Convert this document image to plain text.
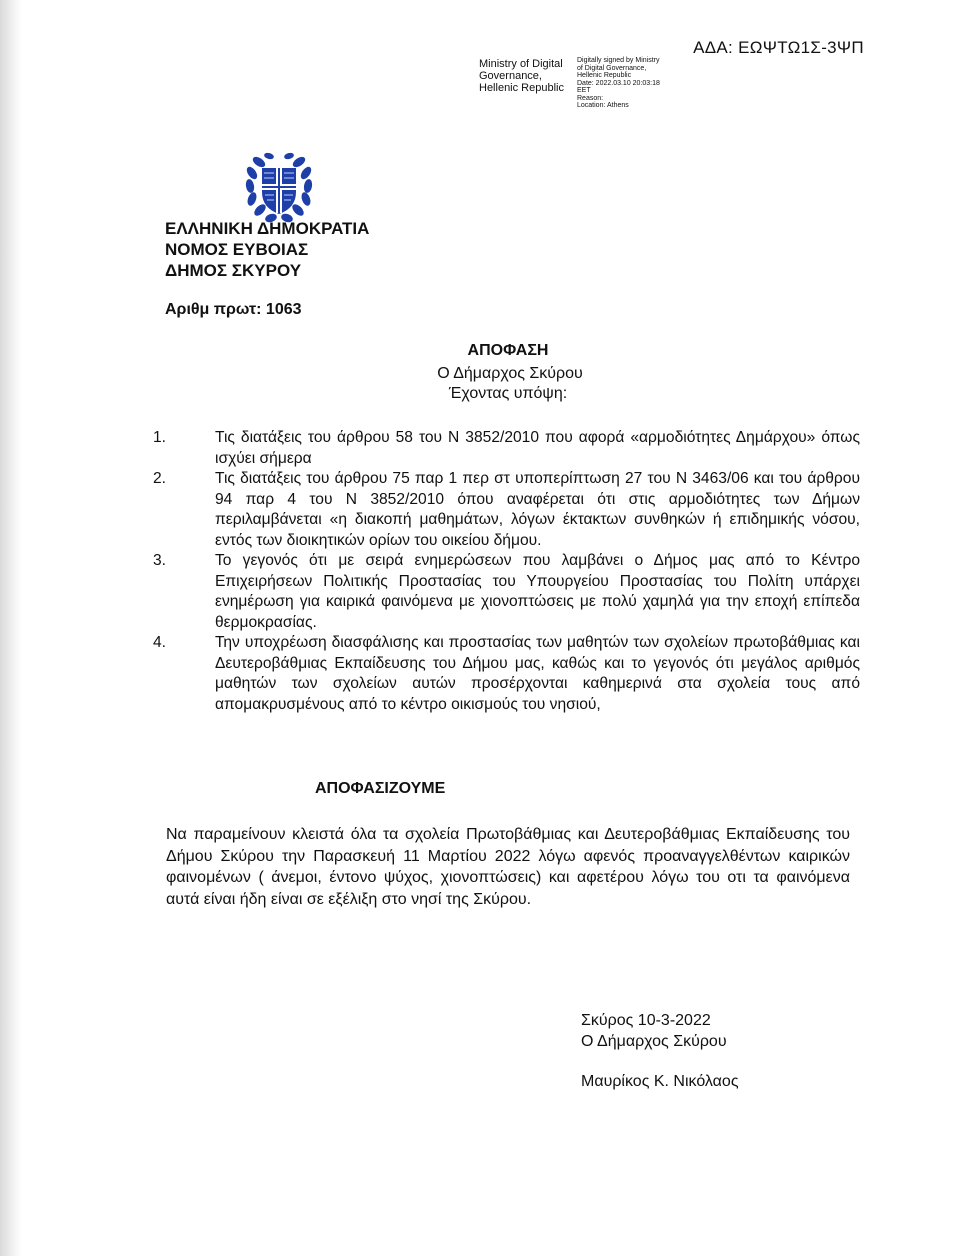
ΑΔΑ: ΕΩΨΤΩ1Σ-3ΨΠ
Ministry of Digital
Governance,
Hellenic Republic
Digitally signed by Ministry
of Digital Governance,
Hellenic Republic
Date: 2022.03.10 20:03:18
EET
Reason:
Location: Athens
ΕΛΛΗΝΙΚΗ ΔΗΜΟΚΡΑΤΙΑ
ΝΟΜΟΣ ΕΥΒΟΙΑΣ
ΔΗΜΟΣ ΣΚΥΡΟΥ
Αριθμ πρωτ: 1063
ΑΠΟΦΑΣΗ
Ο Δήμαρχος Σκύρου
Έχοντας υπόψη:
1.	Τις διατάξεις του άρθρου 58 του Ν 3852/2010 που αφορά «αρμοδιότητες Δημάρχου» όπως ισχύει σήμερα
2.	Τις διατάξεις του άρθρου 75 παρ 1 περ στ υποπερίπτωση 27 του Ν 3463/06 και του άρθρου 94 παρ 4 του Ν 3852/2010 όπου αναφέρεται ότι στις αρμοδιότητες των Δήμων περιλαμβάνεται «η διακοπή μαθημάτων, λόγων έκτακτων συνθηκών ή επιδημικής νόσου, εντός των διοικητικών ορίων του οικείου δήμου.
3.	Το γεγονός ότι με σειρά ενημερώσεων που λαμβάνει ο Δήμος μας από το Κέντρο Επιχειρήσεων Πολιτικής Προστασίας του Υπουργείου Προστασίας του Πολίτη υπάρχει ενημέρωση για καιρικά φαινόμενα με χιονοπτώσεις με πολύ χαμηλά για την εποχή επίπεδα θερμοκρασίας.
4.	Την υποχρέωση διασφάλισης και προστασίας των μαθητών των σχολείων πρωτοβάθμιας και Δευτεροβάθμιας Εκπαίδευσης του Δήμου μας, καθώς και το γεγονός ότι μεγάλος αριθμός μαθητών των σχολείων αυτών προσέρχονται καθημερινά στα σχολεία τους από απομακρυσμένους από το κέντρο οικισμούς του νησιού,
ΑΠΟΦΑΣΙΖΟΥΜΕ
Να παραμείνουν κλειστά όλα τα σχολεία Πρωτοβάθμιας και Δευτεροβάθμιας Εκπαίδευσης του Δήμου Σκύρου την Παρασκευή 11 Μαρτίου 2022 λόγω αφενός προαναγγελθέντων καιρικών φαινομένων ( άνεμοι, έντονο ψύχος, χιονοπτώσεις) και αφετέρου λόγω του οτι τα φαινόμενα αυτά είναι ήδη είναι σε εξέλιξη στο νησί της Σκύρου.
Σκύρος 10-3-2022
Ο Δήμαρχος Σκύρου
Μαυρίκος Κ. Νικόλαος
